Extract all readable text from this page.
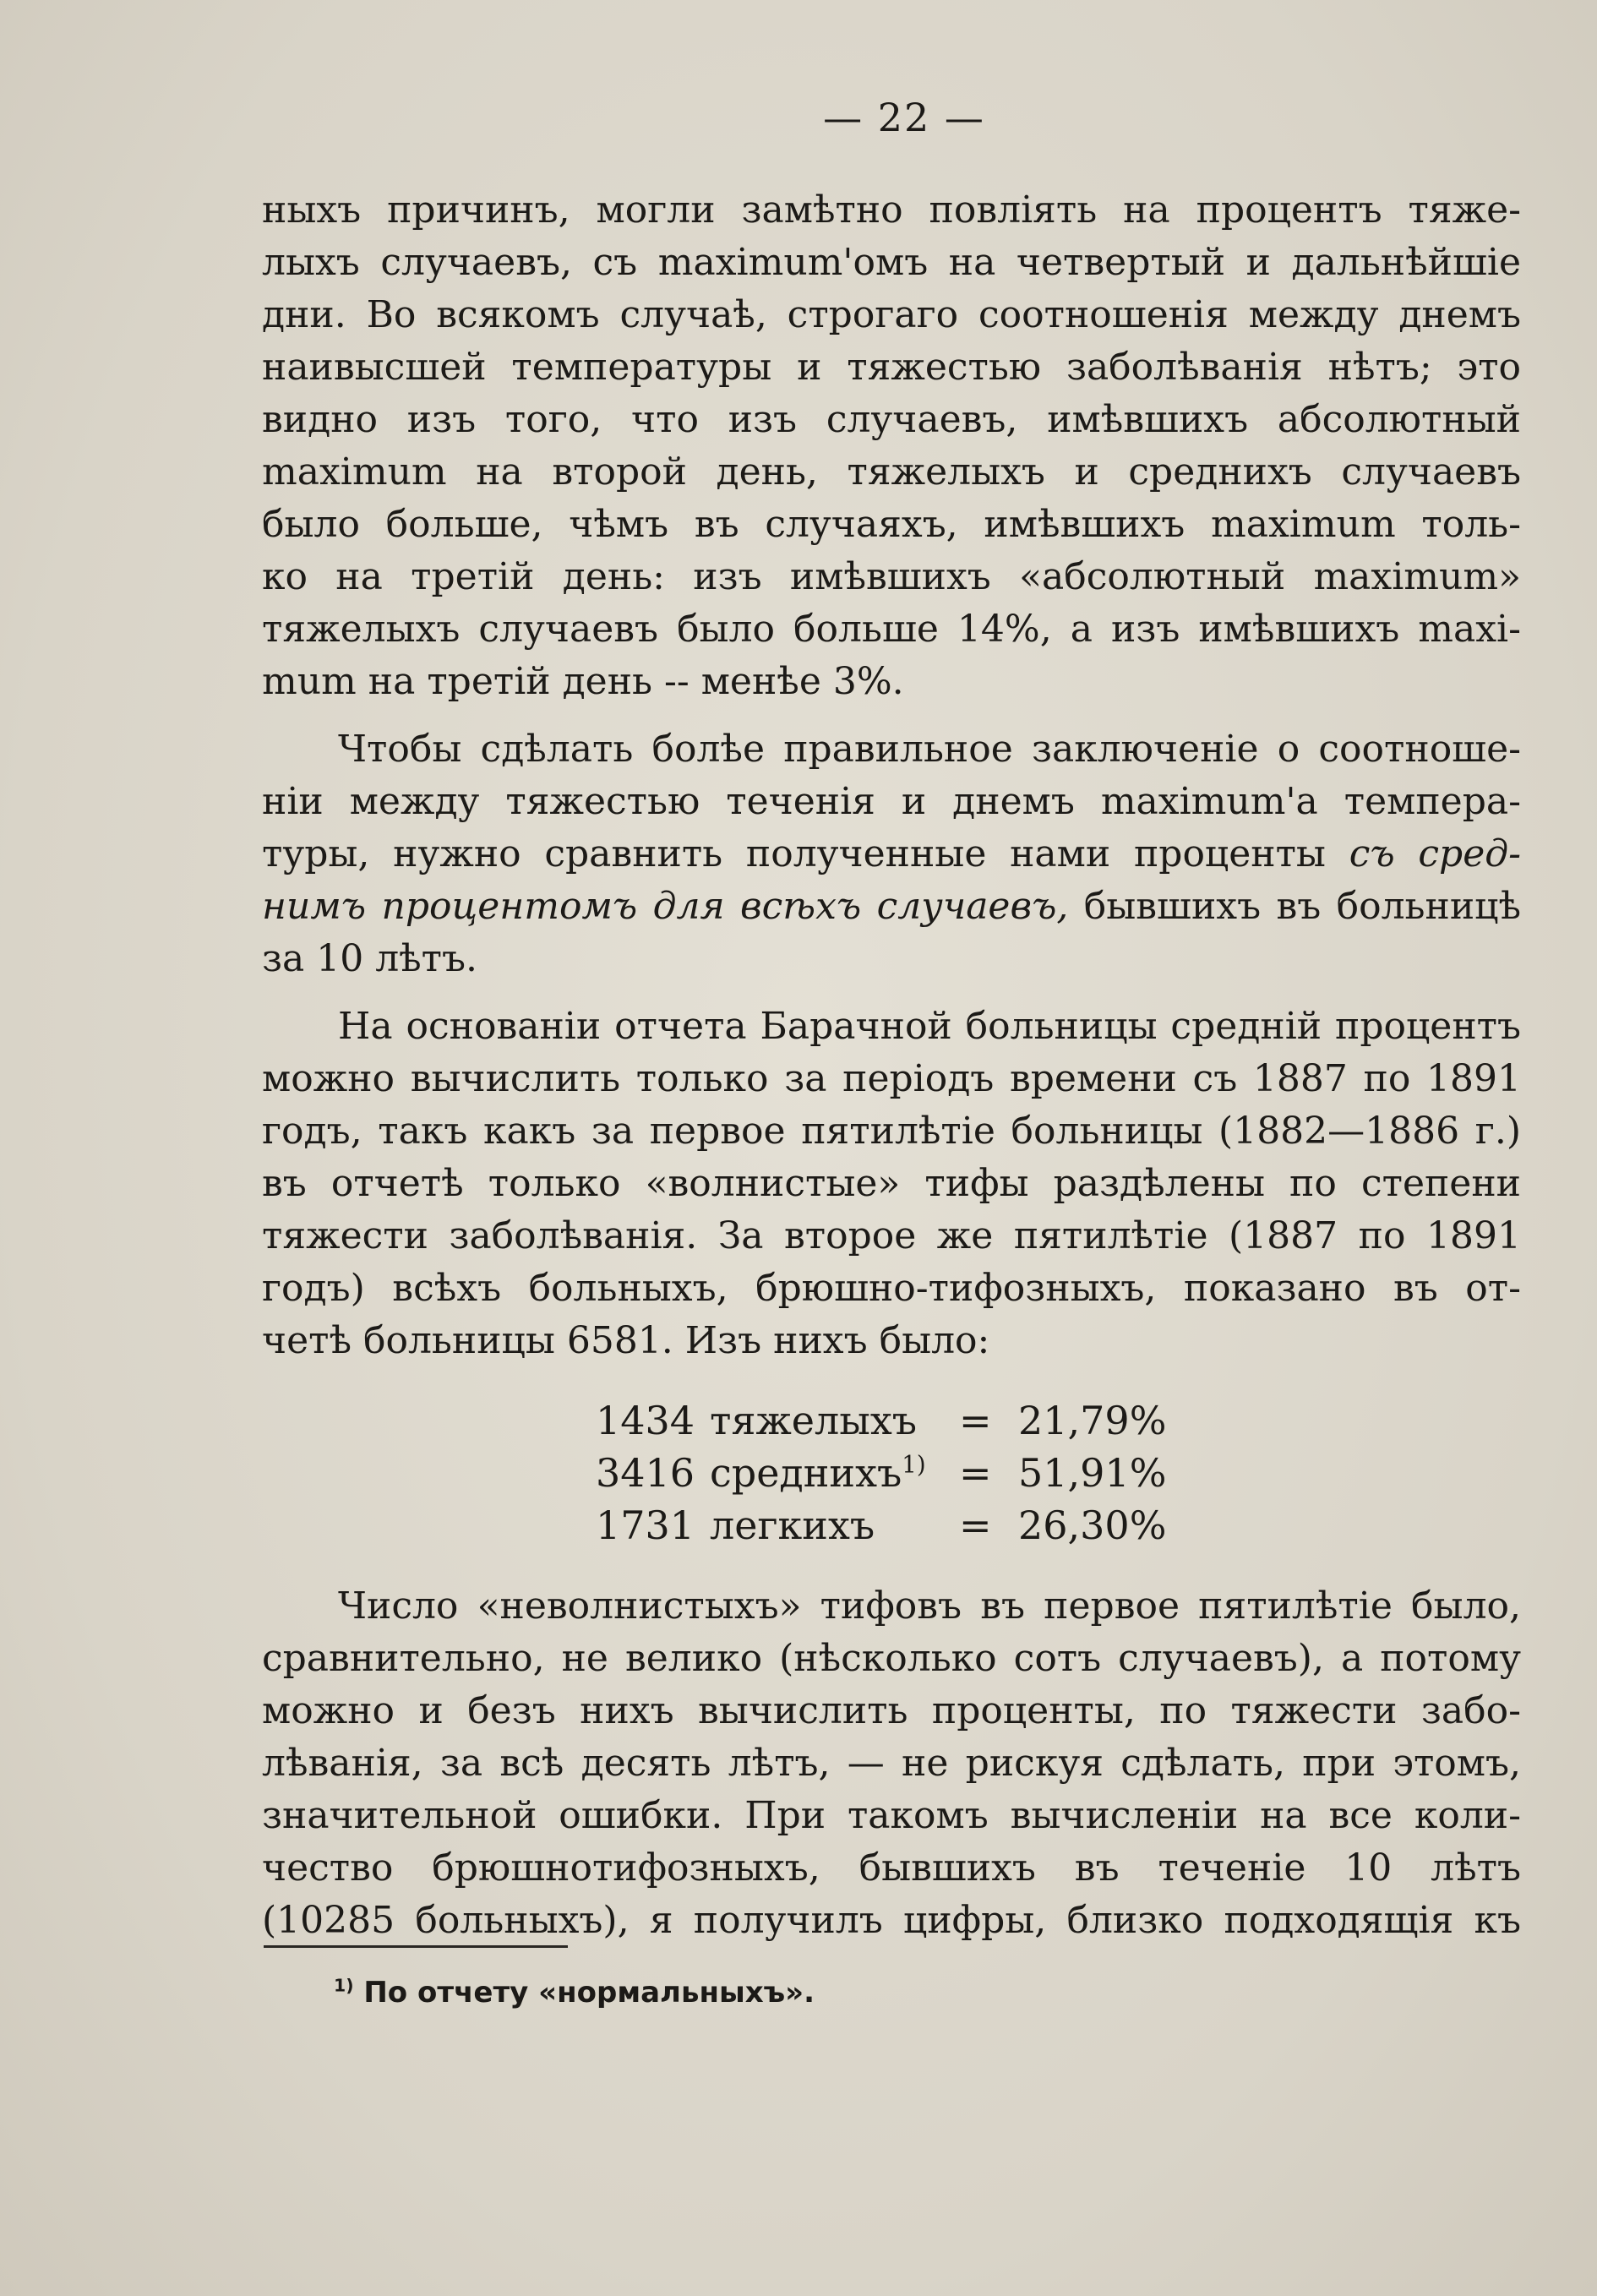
— 22 —
ныхъ причинъ, могли замѣтно повліять на процентъ тяже-
лыхъ случаевъ, съ maximum'омъ на четвертый и дальнѣйшіе
дни. Во всякомъ случаѣ, строгаго соотношенія между днемъ
наивысшей температуры и тяжестью заболѣванія нѣтъ; это
видно изъ того, что изъ случаевъ, имѣвшихъ абсолютный
maximum на второй день, тяжелыхъ и среднихъ случаевъ
было больше, чѣмъ въ случаяхъ, имѣвшихъ maximum толь-
ко на третій день: изъ имѣвшихъ «абсолютный maximum»
тяжелыхъ случаевъ было больше 14%, а изъ имѣвшихъ maxi-
mum на третій день -- менѣе 3%.
Чтобы сдѣлать болѣе правильное заключеніе о соотноше-
ніи между тяжестью теченія и днемъ maximum'а темпера-
туры, нужно сравнить полученные нами проценты съ сред-
нимъ процентомъ для всѣхъ случаевъ, бывшихъ въ больницѣ
за 10 лѣтъ.
На основаніи отчета Барачной больницы средній процентъ
можно вычислить только за періодъ времени съ 1887 по 1891
годъ, такъ какъ за первое пятилѣтіе больницы (1882—1886 г.)
въ отчетѣ только «волнистые» тифы раздѣлены по степени
тяжести заболѣванія. За второе же пятилѣтіе (1887 по 1891
годъ) всѣхъ больныхъ, брюшно-тифозныхъ, показано въ от-
четѣ больницы 6581. Изъ нихъ было:
1434 тяжелыхъ	= 21,79%
3416 среднихъ$^{1)}$ = 51,91%
1731 легкихъ	= 26,30%
Число «неволнистыхъ» тифовъ въ первое пятилѣтіе было,
сравнительно, не велико (нѣсколько сотъ случаевъ), а потому
можно и безъ нихъ вычислить проценты, по тяжести забо-
лѣванія, за всѣ десять лѣтъ, — не рискуя сдѣлать, при этомъ,
значительной ошибки. При такомъ вычисленіи на все коли-
чество брюшнотифозныхъ, бывшихъ въ теченіе 10 лѣтъ
(10285 больныхъ), я получилъ цифры, близко подходящія къ
$^{1)}$ По отчету «нормальныхъ».
